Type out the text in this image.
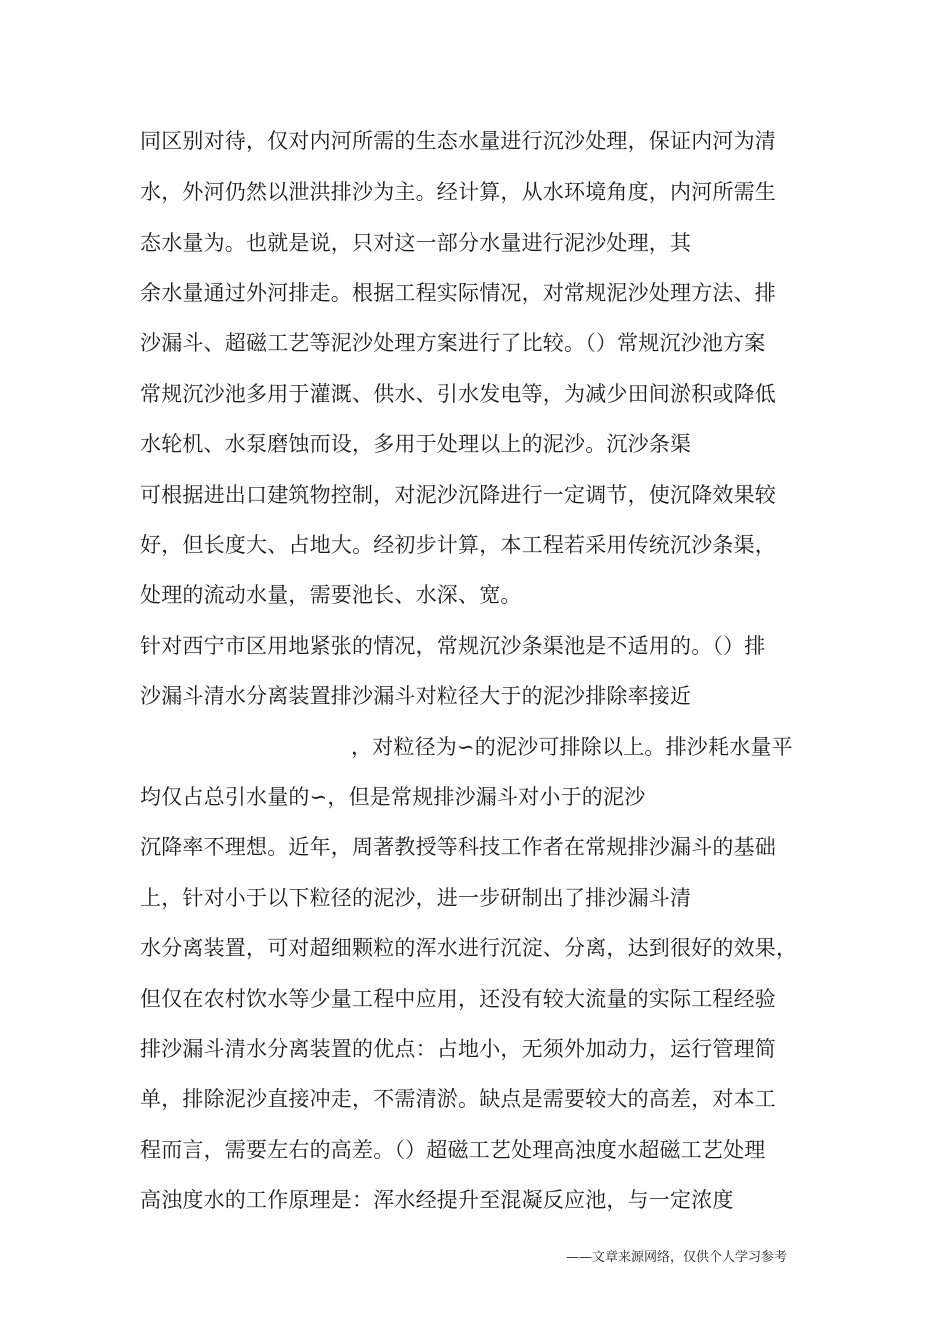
同区别对待，仅对内河所需的生态水量进行沉沙处理，保证内河为清
水，外河仍然以泄洪排沙为主。经计算，从水环境角度，内河所需生
态水量为。也就是说，只对这一部分水量进行泥沙处理，其
余水量通过外河排走。根据工程实际情况，对常规泥沙处理方法、排
沙漏斗、超磁工艺等泥沙处理方案进行了比较。（）常规沉沙池方案
常规沉沙池多用于灌溉、供水、引水发电等，为减少田间淤积或降低
水轮机、水泵磨蚀而设，多用于处理以上的泥沙。沉沙条渠
可根据进出口建筑物控制，对泥沙沉降进行一定调节，使沉降效果较
好，但长度大、占地大。经初步计算，本工程若采用传统沉沙条渠，
处理的流动水量，需要池长、水深、宽。
针对西宁市区用地紧张的情况，常规沉沙条渠池是不适用的。（）排
沙漏斗清水分离装置排沙漏斗对粒径大于的泥沙排除率接近
，对粒径为∽的泥沙可排除以上。排沙耗水量平
均仅占总引水量的∽，但是常规排沙漏斗对小于的泥沙
沉降率不理想。近年，周著教授等科技工作者在常规排沙漏斗的基础
上，针对小于以下粒径的泥沙，进一步研制出了排沙漏斗清
水分离装置，可对超细颗粒的浑水进行沉淀、分离，达到很好的效果，
但仅在农村饮水等少量工程中应用，还没有较大流量的实际工程经验
排沙漏斗清水分离装置的优点：占地小，无须外加动力，运行管理简
单，排除泥沙直接冲走，不需清淤。缺点是需要较大的高差，对本工
程而言，需要左右的高差。（）超磁工艺处理高浊度水超磁工艺处理
高浊度水的工作原理是：浑水经提升至混凝反应池，与一定浓度
——文章来源网络，仅供个人学习参考
